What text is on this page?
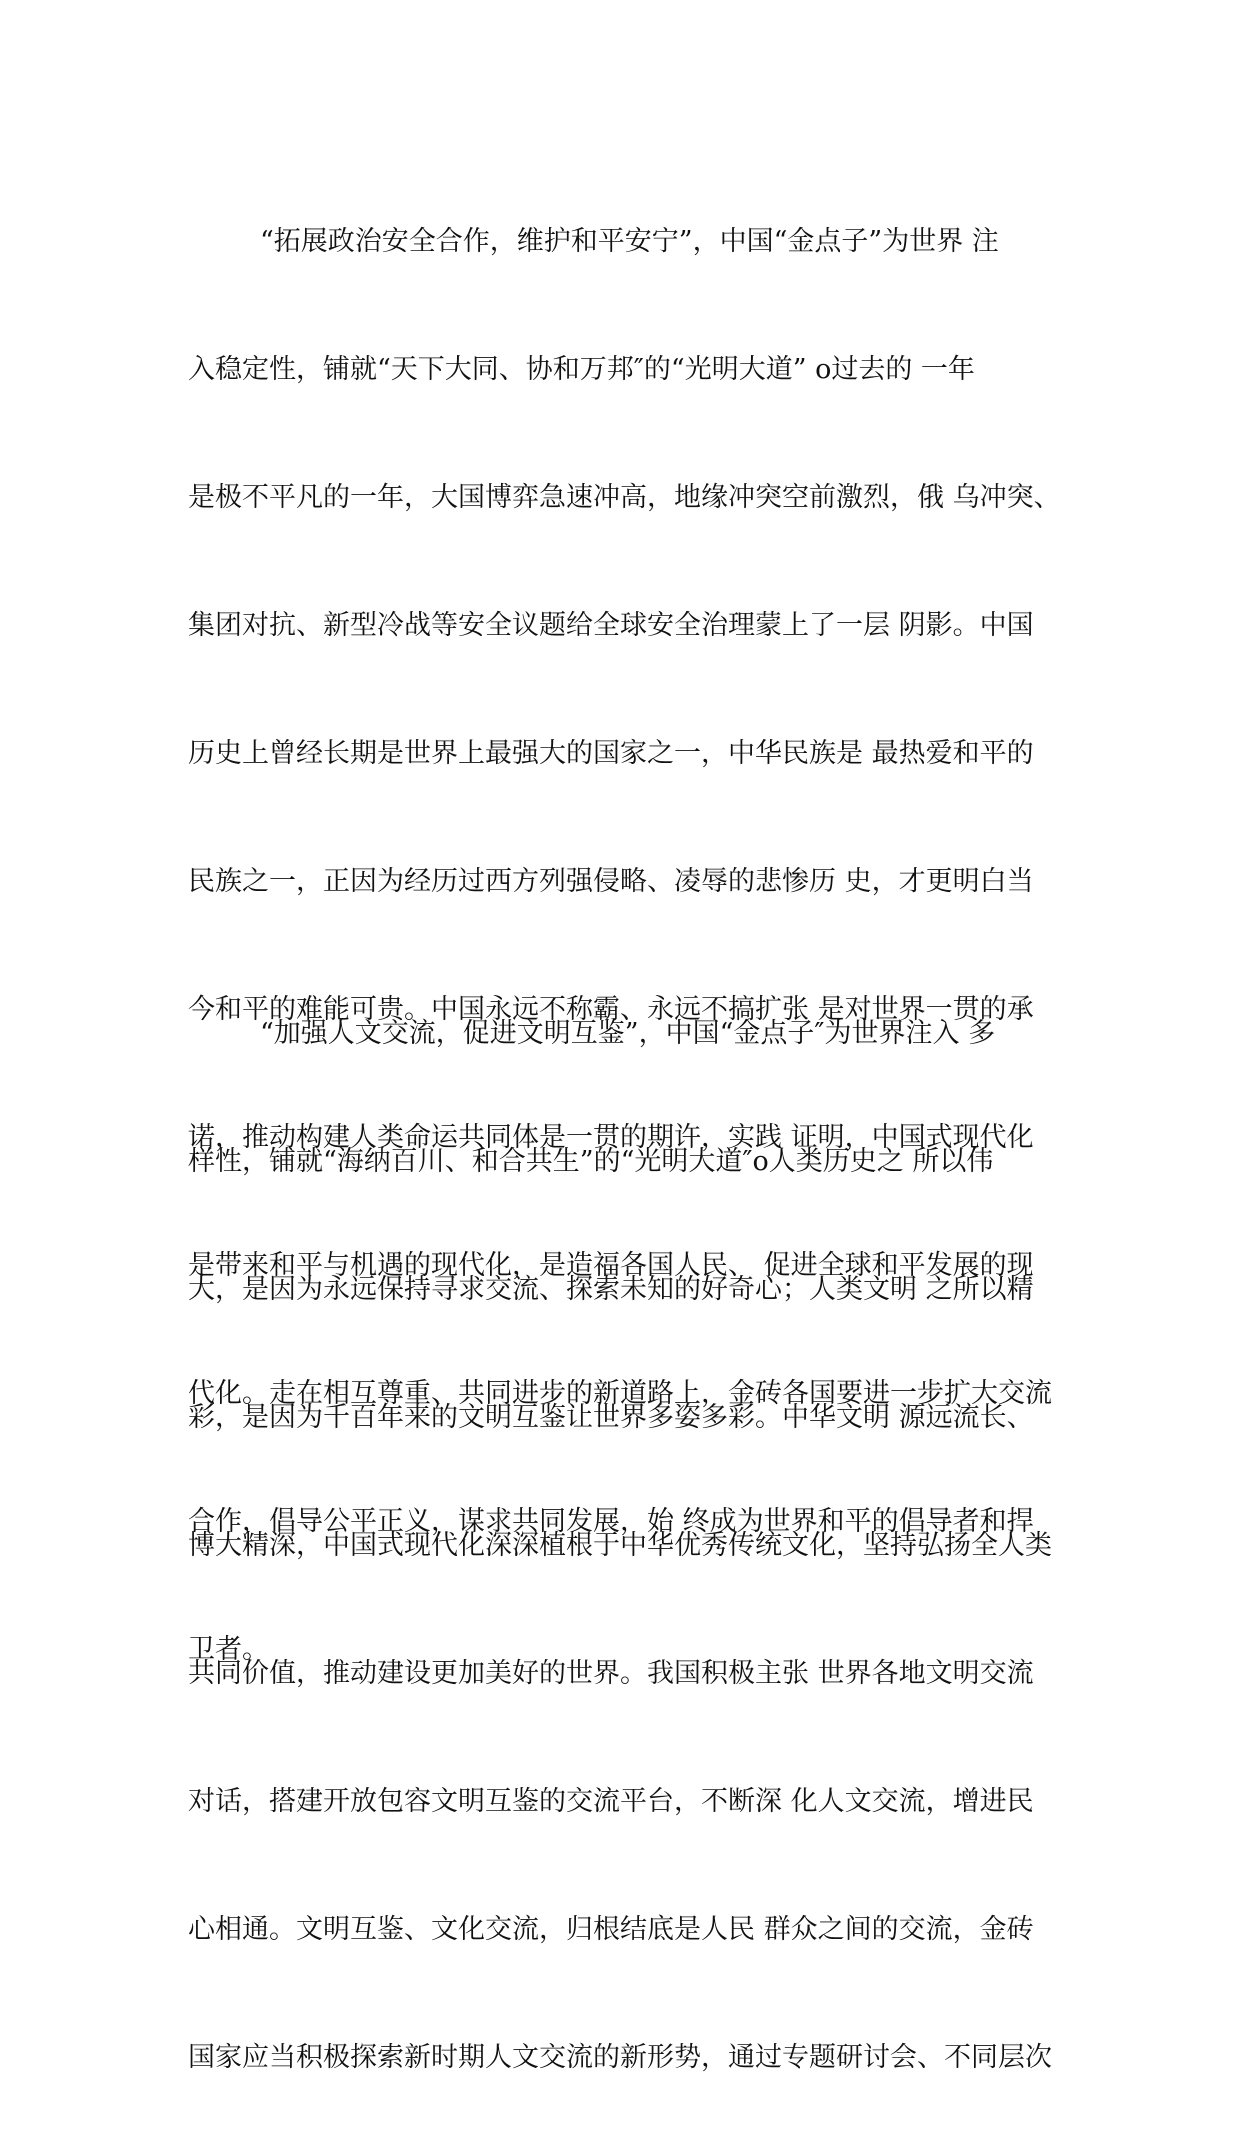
“拓展政治安全合作，维护和平安宁”，中国“金点子”为世界 注

入稳定性，铺就“天下大同、协和万邦″的“光明大道” o过去的 一年

是极不平凡的一年，大国博弈急速冲高，地缘冲突空前激烈，俄 乌冲突、

集团对抗、新型冷战等安全议题给全球安全治理蒙上了一层 阴影。中国

历史上曾经长期是世界上最强大的国家之一，中华民族是 最热爱和平的

民族之一，正因为经历过西方列强侵略、凌辱的悲惨历 史，才更明白当

今和平的难能可贵。中国永远不称霸、永远不搞扩张 是对世界一贯的承

诺，推动构建人类命运共同体是一贯的期许，实践 证明，中国式现代化

是带来和平与机遇的现代化，是造福各国人民、 促进全球和平发展的现

代化。走在相互尊重、共同进步的新道路上，金砖各国要进一步扩大交流

合作，倡导公平正义，谋求共同发展，始 终成为世界和平的倡导者和捍

卫者。

“加强人文交流，促进文明互鉴”，中国“金点子″为世界注入 多

样性，铺就“海纳百川、和合共生”的“光明大道″o人类历史之 所以伟

大，是因为永远保持寻求交流、探索未知的好奇心；人类文明 之所以精

彩，是因为千百年来的文明互鉴让世界多姿多彩。中华文明 源远流长、

博大精深，中国式现代化深深植根于中华优秀传统文化，坚持弘扬全人类

共同价值，推动建设更加美好的世界。我国积极主张 世界各地文明交流

对话，搭建开放包容文明互鉴的交流平台，不断深 化人文交流，增进民

心相通。文明互鉴、文化交流，归根结底是人民 群众之间的交流，金砖

国家应当积极探索新时期人文交流的新形势，通过专题研讨会、不同层次
